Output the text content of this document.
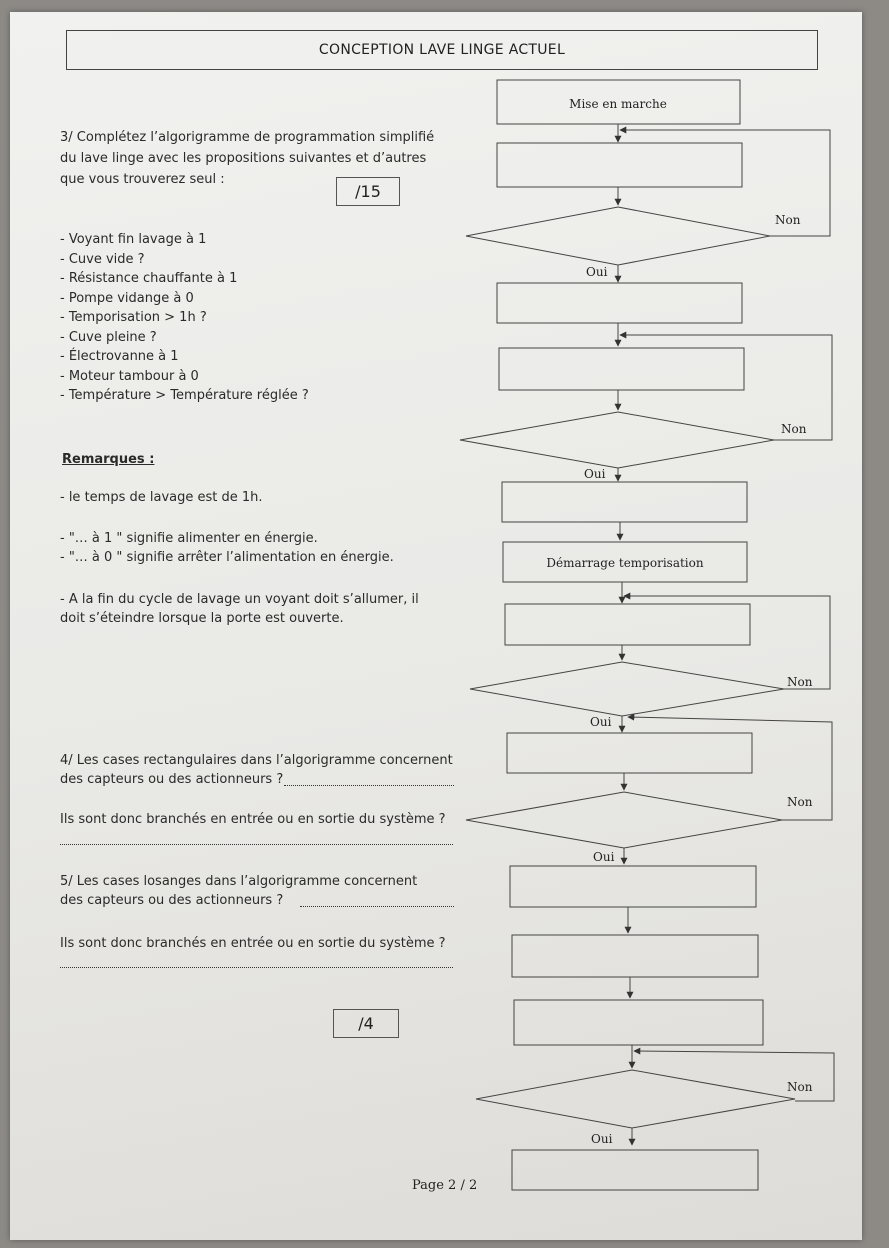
CONCEPTION LAVE LINGE ACTUEL
3/ Complétez l’algorigramme de programmation simplifié
du lave linge avec les propositions suivantes et d’autres
que vous trouverez seul :
/15
- Voyant fin lavage à 1
- Cuve vide ?
- Résistance chauffante à 1
- Pompe vidange à 0
- Temporisation > 1h ?
- Cuve pleine ?
- Électrovanne à 1
- Moteur tambour à 0
- Température > Température réglée ?
Remarques :
- le temps de lavage est de 1h.
- "… à 1 " signifie alimenter en énergie.
- "… à 0 " signifie arrêter l’alimentation en énergie.
- A la fin du cycle de lavage un voyant doit s’allumer, il
doit s’éteindre lorsque la porte est ouverte.
4/ Les cases rectangulaires dans l’algorigramme concernent
des capteurs ou des actionneurs ?
Ils sont donc branchés en entrée ou en sortie du système ?
5/ Les cases losanges dans l’algorigramme concernent
des capteurs ou des actionneurs ?
Ils sont donc branchés en entrée ou en sortie du système ?
/4
Mise en marche
Démarrage temporisation
Non
Oui
Non
Oui
Non
Oui
Non
Oui
Non
Oui
Page 2 / 2
